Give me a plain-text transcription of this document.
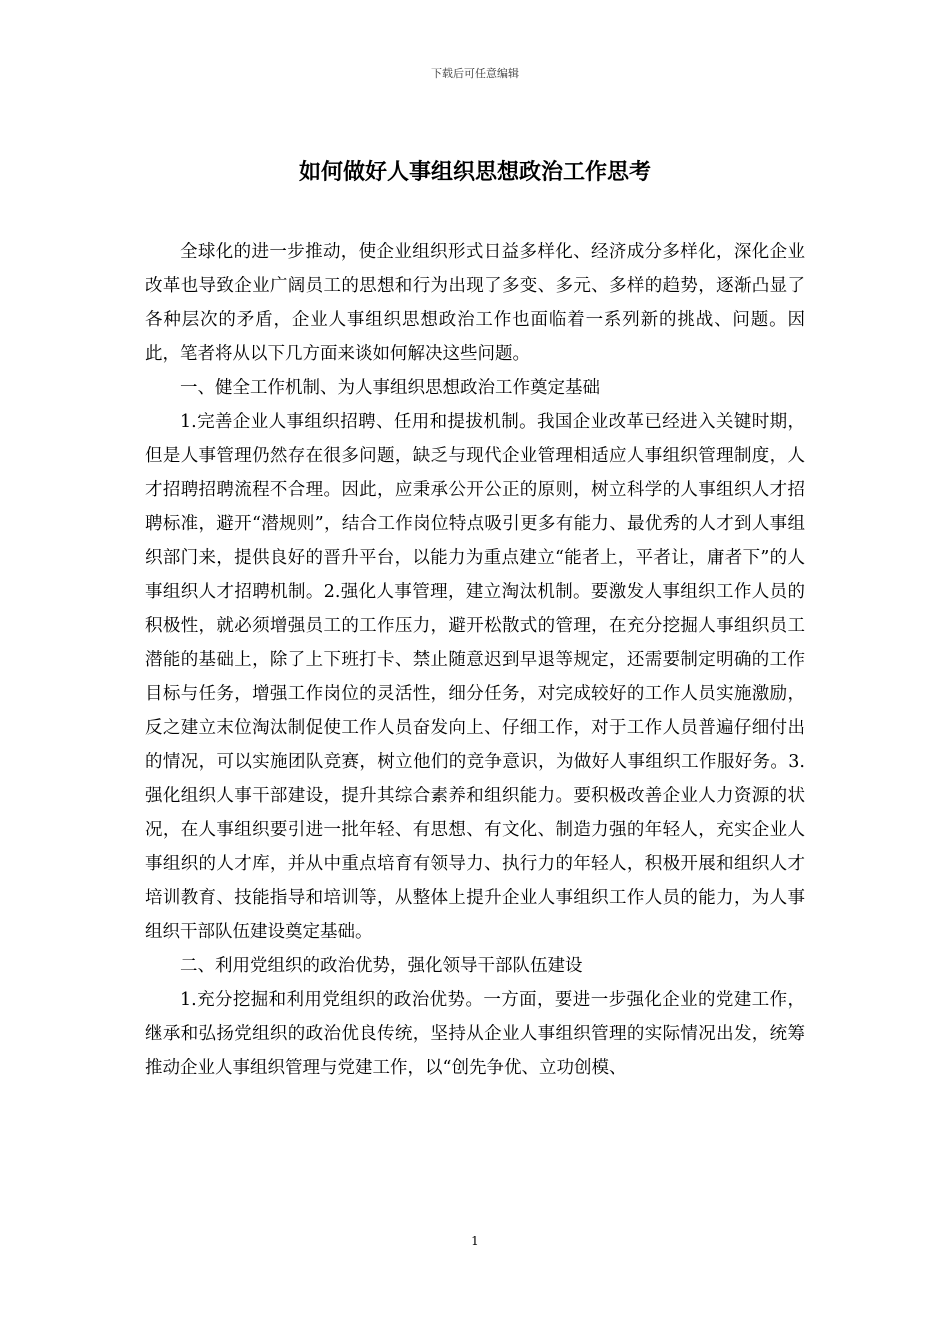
下载后可任意编辑
如何做好人事组织思想政治工作思考

全球化的进一步推动，使企业组织形式日益多样化、经济成分多样化，深化企业改革也导致企业广阔员工的思想和行为出现了多变、多元、多样的趋势，逐渐凸显了各种层次的矛盾，企业人事组织思想政治工作也面临着一系列新的挑战、问题。因此，笔者将从以下几方面来谈如何解决这些问题。

一、健全工作机制、为人事组织思想政治工作奠定基础

1.完善企业人事组织招聘、任用和提拔机制。我国企业改革已经进入关键时期，但是人事管理仍然存在很多问题，缺乏与现代企业管理相适应人事组织管理制度，人才招聘招聘流程不合理。因此，应秉承公开公正的原则，树立科学的人事组织人才招聘标准，避开“潜规则”，结合工作岗位特点吸引更多有能力、最优秀的人才到人事组织部门来，提供良好的晋升平台，以能力为重点建立“能者上，平者让，庸者下”的人事组织人才招聘机制。2.强化人事管理，建立淘汰机制。要激发人事组织工作人员的积极性，就必须增强员工的工作压力，避开松散式的管理，在充分挖掘人事组织员工潜能的基础上，除了上下班打卡、禁止随意迟到早退等规定，还需要制定明确的工作目标与任务，增强工作岗位的灵活性，细分任务，对完成较好的工作人员实施激励，反之建立末位淘汰制促使工作人员奋发向上、仔细工作，对于工作人员普遍仔细付出的情况，可以实施团队竞赛，树立他们的竞争意识，为做好人事组织工作服好务。3.强化组织人事干部建设，提升其综合素养和组织能力。要积极改善企业人力资源的状况，在人事组织要引进一批年轻、有思想、有文化、制造力强的年轻人，充实企业人事组织的人才库，并从中重点培育有领导力、执行力的年轻人，积极开展和组织人才培训教育、技能指导和培训等，从整体上提升企业人事组织工作人员的能力，为人事组织干部队伍建设奠定基础。

二、利用党组织的政治优势，强化领导干部队伍建设

1.充分挖掘和利用党组织的政治优势。一方面，要进一步强化企业的党建工作，继承和弘扬党组织的政治优良传统，坚持从企业人事组织管理的实际情况出发，统筹推动企业人事组织管理与党建工作，以“创先争优、立功创模、

1
